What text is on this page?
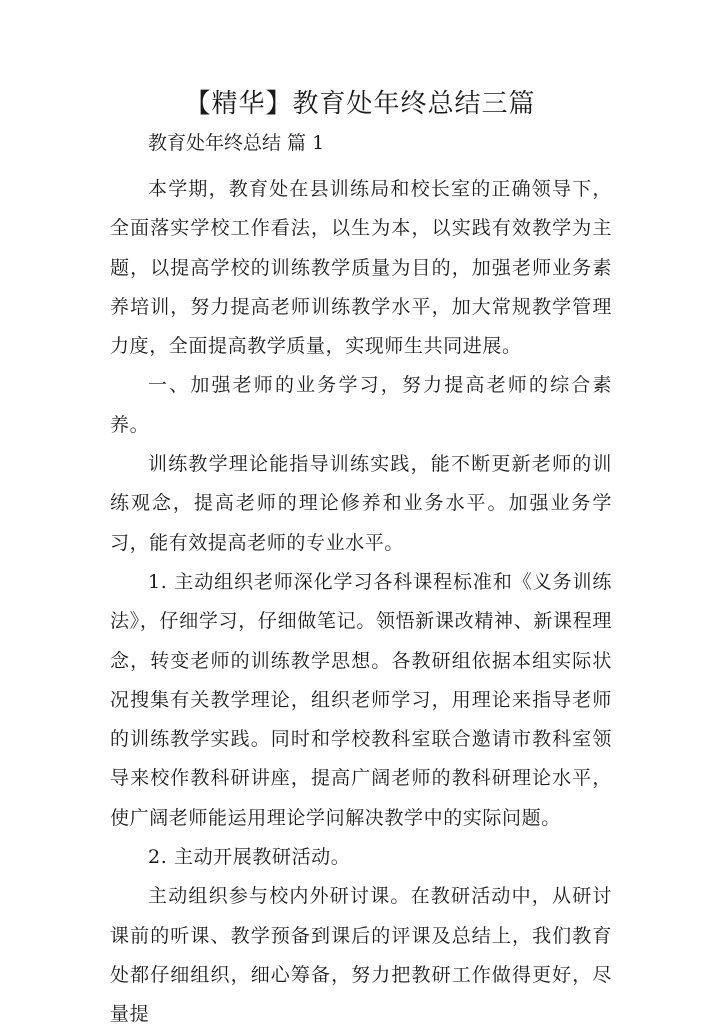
【精华】教育处年终总结三篇
教育处年终总结 篇 1

本学期，教育处在县训练局和校长室的正确领导下，全面落实学校工作看法，以生为本，以实践有效教学为主题，以提高学校的训练教学质量为目的，加强老师业务素养培训，努力提高老师训练教学水平，加大常规教学管理力度，全面提高教学质量，实现师生共同进展。

一、加强老师的业务学习，努力提高老师的综合素养。

训练教学理论能指导训练实践，能不断更新老师的训练观念，提高老师的理论修养和业务水平。加强业务学习，能有效提高老师的专业水平。

1. 主动组织老师深化学习各科课程标准和《义务训练法》，仔细学习，仔细做笔记。领悟新课改精神、新课程理念，转变老师的训练教学思想。各教研组依据本组实际状况搜集有关教学理论，组织老师学习，用理论来指导老师的训练教学实践。同时和学校教科室联合邀请市教科室领导来校作教科研讲座，提高广阔老师的教科研理论水平，使广阔老师能运用理论学问解决教学中的实际问题。

2. 主动开展教研活动。

主动组织参与校内外研讨课。在教研活动中，从研讨课前的听课、教学预备到课后的评课及总结上，我们教育处都仔细组织，细心筹备，努力把教研工作做得更好，尽量提
